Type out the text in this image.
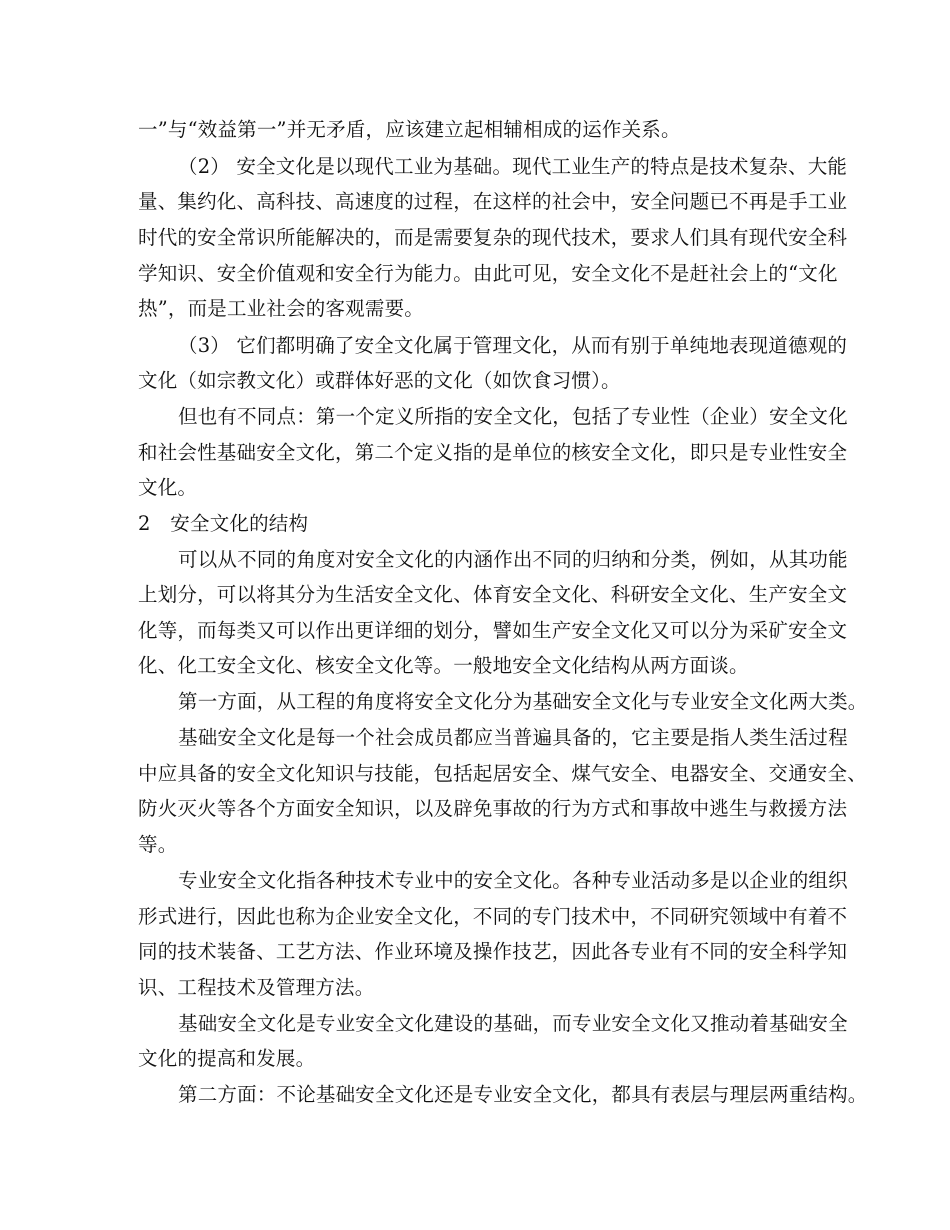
一”与“效益第一”并无矛盾，应该建立起相辅相成的运作关系。
（2） 安全文化是以现代工业为基础。现代工业生产的特点是技术复杂、大能
量、集约化、高科技、高速度的过程，在这样的社会中，安全问题已不再是手工业
时代的安全常识所能解决的，而是需要复杂的现代技术，要求人们具有现代安全科
学知识、安全价值观和安全行为能力。由此可见，安全文化不是赶社会上的“文化
热”，而是工业社会的客观需要。
（3） 它们都明确了安全文化属于管理文化，从而有别于单纯地表现道德观的
文化（如宗教文化）或群体好恶的文化（如饮食习惯）。
但也有不同点：第一个定义所指的安全文化，包括了专业性（企业）安全文化
和社会性基础安全文化，第二个定义指的是单位的核安全文化，即只是专业性安全
文化。
2　安全文化的结构
可以从不同的角度对安全文化的内涵作出不同的归纳和分类，例如，从其功能
上划分，可以将其分为生活安全文化、体育安全文化、科研安全文化、生产安全文
化等，而每类又可以作出更详细的划分，譬如生产安全文化又可以分为采矿安全文
化、化工安全文化、核安全文化等。一般地安全文化结构从两方面谈。
第一方面，从工程的角度将安全文化分为基础安全文化与专业安全文化两大类。
基础安全文化是每一个社会成员都应当普遍具备的，它主要是指人类生活过程
中应具备的安全文化知识与技能，包括起居安全、煤气安全、电器安全、交通安全、
防火灭火等各个方面安全知识，以及辟免事故的行为方式和事故中逃生与救援方法
等。
专业安全文化指各种技术专业中的安全文化。各种专业活动多是以企业的组织
形式进行，因此也称为企业安全文化，不同的专门技术中，不同研究领域中有着不
同的技术装备、工艺方法、作业环境及操作技艺，因此各专业有不同的安全科学知
识、工程技术及管理方法。
基础安全文化是专业安全文化建设的基础，而专业安全文化又推动着基础安全
文化的提高和发展。
第二方面：不论基础安全文化还是专业安全文化，都具有表层与理层两重结构。
